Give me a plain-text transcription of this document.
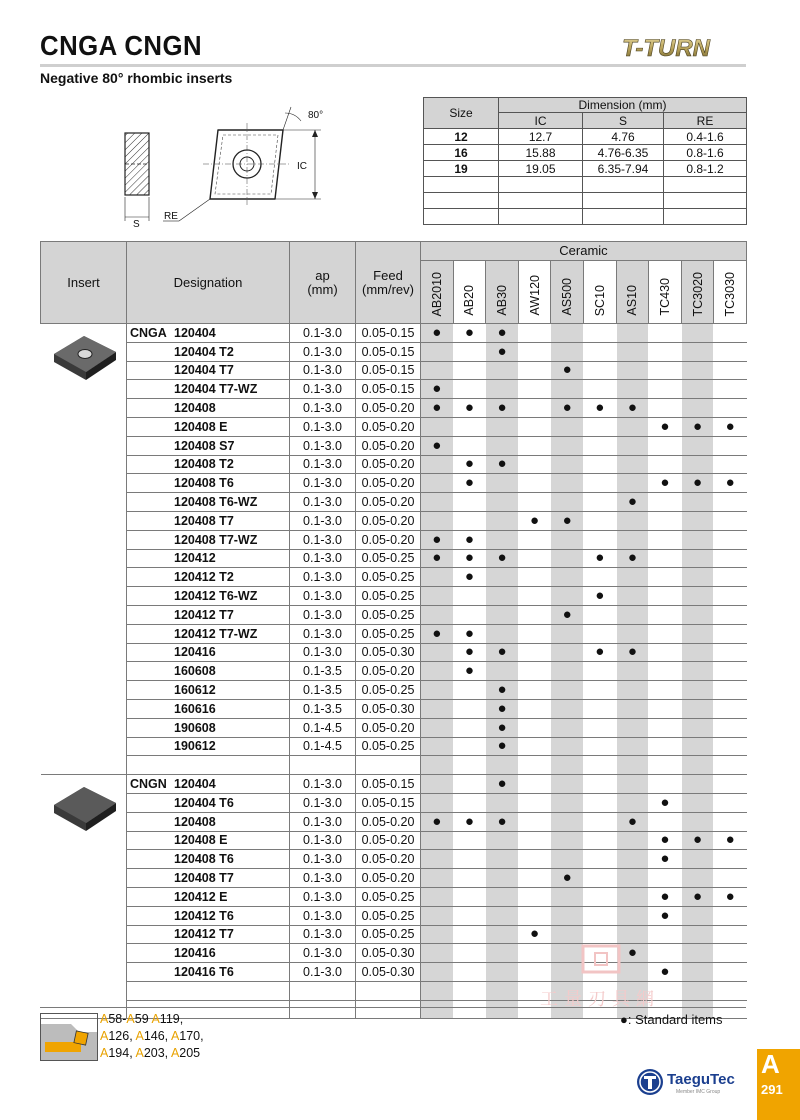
CNGA CNGN
Negative 80° rhombic inserts
T-TURN
IC
80°
RE
S
Size	Dimension (mm)		
	IC	S	RE
12	12.7	4.76	0.4-1.6
16	15.88	4.76-6.35	0.8-1.6
19	19.05	6.35-7.94	0.8-1.2

Insert	Designation	ap
(mm)	Feed
(mm/rev)	Ceramic									
				AB2010	AB20	AB30	AW120	AS500	SC10	AS10	TC430	TC3020	TC3030
	CNGA 120404	0.1-3.0	0.05-0.15	●	●	●							
	120404 T2	0.1-3.0	0.05-0.15			●							
	120404 T7	0.1-3.0	0.05-0.15					●					
	120404 T7-WZ	0.1-3.0	0.05-0.15	●									
	120408	0.1-3.0	0.05-0.20	●	●	●		●	●	●			
	120408 E	0.1-3.0	0.05-0.20								●	●	●
	120408 S7	0.1-3.0	0.05-0.20	●									
	120408 T2	0.1-3.0	0.05-0.20		●	●							
	120408 T6	0.1-3.0	0.05-0.20		●						●	●	●
	120408 T6-WZ	0.1-3.0	0.05-0.20							●			
	120408 T7	0.1-3.0	0.05-0.20				●	●					
	120408 T7-WZ	0.1-3.0	0.05-0.20	●	●								
	120412	0.1-3.0	0.05-0.25	●	●	●			●	●			
	120412 T2	0.1-3.0	0.05-0.25		●								
	120412 T6-WZ	0.1-3.0	0.05-0.25						●				
	120412 T7	0.1-3.0	0.05-0.25					●					
	120412 T7-WZ	0.1-3.0	0.05-0.25	●	●								
	120416	0.1-3.0	0.05-0.30		●	●			●	●			
	160608	0.1-3.5	0.05-0.20		●								
	160612	0.1-3.5	0.05-0.25			●							
	160616	0.1-3.5	0.05-0.30			●							
	190608	0.1-4.5	0.05-0.20			●							
	190612	0.1-4.5	0.05-0.25			●							

	CNGN 120404	0.1-3.0	0.05-0.15			●							
	120404 T6	0.1-3.0	0.05-0.15								●		
	120408	0.1-3.0	0.05-0.20	●	●	●				●			
	120408 E	0.1-3.0	0.05-0.20								●	●	●
	120408 T6	0.1-3.0	0.05-0.20								●		
	120408 T7	0.1-3.0	0.05-0.20					●					
	120412 E	0.1-3.0	0.05-0.25								●	●	●
	120412 T6	0.1-3.0	0.05-0.25								●		
	120412 T7	0.1-3.0	0.05-0.25				●						
	120416	0.1-3.0	0.05-0.30							●			
	120416 T6	0.1-3.0	0.05-0.30								●		

A58-A59 A119,
A126, A146, A170,
A194, A203, A205
●: Standard items
工量刃具網
TaeguTec
Member IMC Group
A
291
